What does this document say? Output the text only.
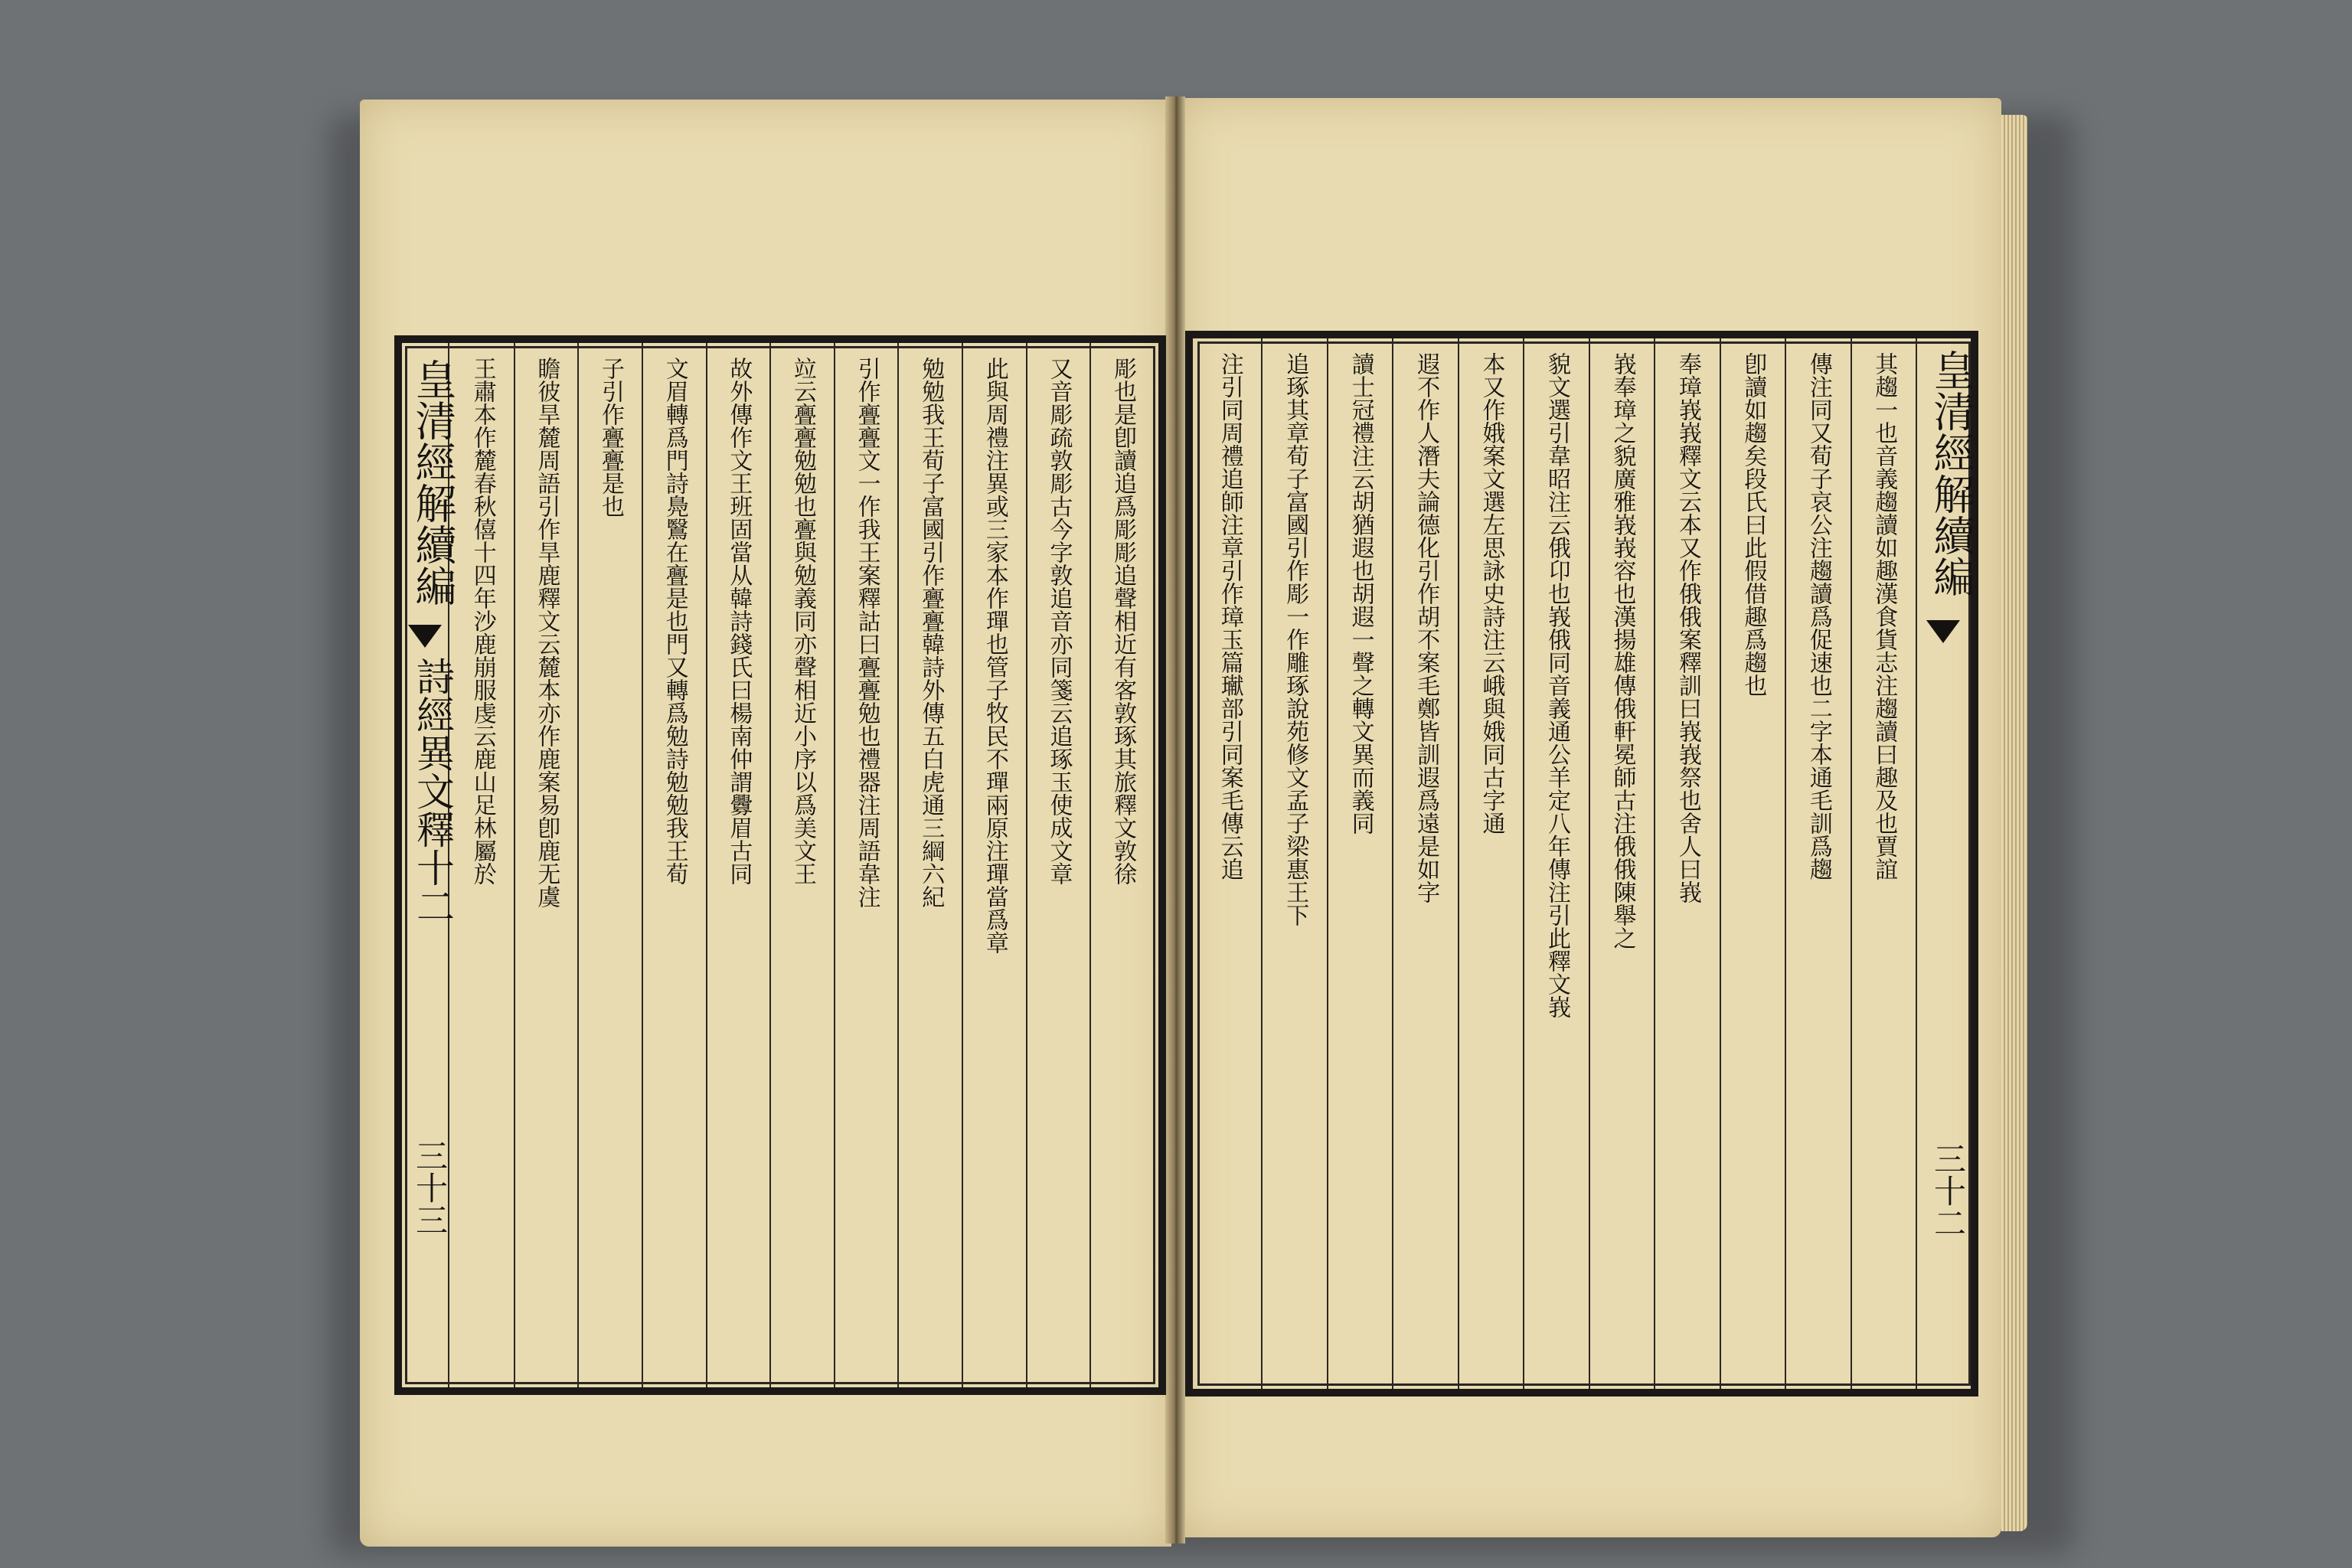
彫也是卽讀追爲彫彫追聲相近有客敦琢其旅釋文敦徐
又音彫疏敦彫古今字敦追音亦同箋云追琢玉使成文章
此與周禮注異或三家本作𤩧也管子牧民不𤩧兩原注𤩧當爲章
勉勉我王荀子富國引作亹亹韓詩外傳五白虎通三綱六紀
引作亹亹文一作我王案釋詁曰亹亹勉也禮器注周語韋注
竝云亹亹勉勉也亹與勉義同亦聲相近小序以爲美文王
故外傳作文王班固當从韓詩錢氏曰楊南仲謂釁眉古同
文眉轉爲門詩鳧鷖在亹是也門又轉爲勉詩勉勉我王荀
子引作亹亹是也
瞻彼旱麓周語引作旱鹿釋文云麓本亦作鹿案易卽鹿无虞
王肅本作麓春秋僖十四年沙鹿崩服虔云鹿山足林屬於
皇清經解續編
詩經異文釋十二
三十三
其趨一也音義趨讀如趣漢食貨志注趨讀曰趣及也賈誼
傳注同又荀子哀公注趨讀爲促速也二字本通毛訓爲趨
卽讀如趨矣段氏曰此假借趣爲趨也
奉璋峩峩釋文云本又作俄俄案釋訓曰峩峩祭也舍人曰峩
峩奉璋之貌廣雅峩峩容也漢揚雄傳俄軒冕師古注俄俄陳舉之
貌文選引韋昭注云俄卬也峩俄同音義通公羊定八年傳注引此釋文峩
本又作娥案文選左思詠史詩注云峨與娥同古字通
遐不作人潛夫論德化引作胡不案毛鄭皆訓遐爲遠是如字
讀士冠禮注云胡猶遐也胡遐一聲之轉文異而義同
追琢其章荀子富國引作彫一作雕琢說苑修文孟子梁惠王下
注引同周禮追師注章引作璋玉篇𤩽部引同案毛傳云追	皇清經解續編
三十二
